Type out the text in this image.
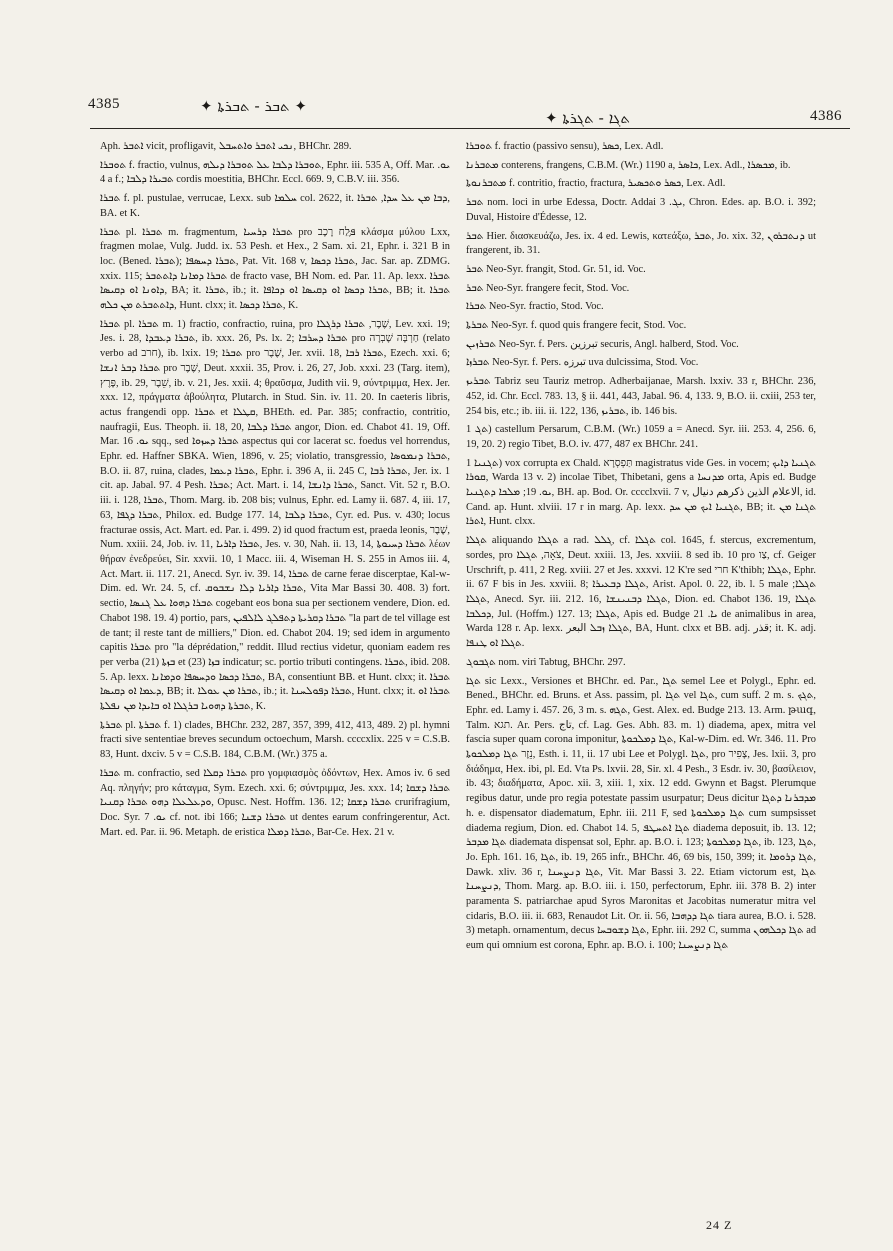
4385	✦ ܬܒܪ - ܬܒܪܬܐ ✦
✦ ܬܓܐ - ܬܓܪܬܐ	4386

Aph. ܐܬܒܪ vicit, profligavit, ܢܟܝ ܐܬܒܪ ܘܐܬܚܒܠ, BHChr. 289.

ܬܘܒܪܐ f. fractio, vulnus, ܬܘܒܪܐ ܕܠܒܐ ܥܠ ܬܘܒܪܐ ܕܝܠܗ, Ephr. iii. 535 A, Off. Mar. ܝܘ. 4 a f.; ܬܒܝܪܐ ܕܠܒܐ cordis moestitia, BHChr. Eccl. 669. 9, C.B.V. iii. 356.

ܬܒܪܐ f. pl. pustulae, verrucae, Lexx. sub ܚܠܡܐ col. 2622, it. ܕܒܐ ܡܢ ܥܠ ܚܕܐ, ܬܒܪܐ, BA. et K.

ܬܒܪܐ pl. ܬܒܪܐ m. fragmentum, ܬܒܪܐ ܕܪܚܝܐ pro ܦֶּלַח רֶכֶב κλάσμα μύλου Lxx, fragmen molae, Vulg. Judd. ix. 53 Pesh. et Hex., 2 Sam. xi. 21, Ephr. i. 321 B in loc. (Bened. ܬܒܪܐ); ܬܒܪܐ ܕܚܣܦܐ, Pat. Vit. 168 v, ܬܒܪܐ ܕܟܣܐ, Jac. Sar. ap. ZDMG. xxix. 115; ܬܒܪܐ ܕܡܐܢܐ ܕܐܬܬܒܪ de fracto vase, BH Nom. ed. Par. 11. Ap. lexx. ܬܒܪܐ ܕܐܘܢܐ ܐܘ ܕܩܝܣܐ, BA; it. ܬܒܪܐ, ib.; it. ܬܒܪܐ ܕܟܣܐ ܐܘ ܕܩܝܣܐ ܐܘ ܕܟܐܦܐ, BB; it. ܬܒܪܐ ܕܐܬܬܒܪܬ ܡܢ ܟܠܗ, Hunt. clxx; it. ܬܒܪܐ ܕܟܣܐ, K.

ܬܒܪܐ pl. ܬܒܪܐ m. 1) fractio, confractio, ruina, pro שֶׁבֶר, ܬܒܪܐ ܕܪܓܠܐ, Lev. xxi. 19; Jes. i. 28, ܬܒܪܐ ܕܥܒܕܐ, ib. xxx. 26, Ps. lx. 2; ܬܒܪܐ ܕܚܪܒܐ pro חַרְבָּה שָׁבְרָה (relato verbo ad חרב), ib. lxix. 19; ܬܒܪܐ pro שֶׁבֶר, Jer. xvii. 18, ܬܒܪܐ ܪܒܐ, Ezech. xxi. 6; ܬܒܪܐ ܕܒܪ ܐܢܫܐ pro שֶׁבֶר, Deut. xxxii. 35, Prov. i. 26, 27, Job. xxxi. 23 (Targ. item), פֶּרֶץ, ib. 29, שֵׁבֶר, ib. v. 21, Jes. xxii. 4; θραῦσμα, Judith vii. 9, σύντριμμα, Hex. Jer. xxx. 12, πράγματα ἀβούλητα, Plutarch. in Stud. Sin. iv. 11. 20. In caeteris libris, actus frangendi opp. ܬܒܪܐ et ܩܛܠܐ, BHEth. ed. Par. 385; confractio, contritio, naufragii, Eus. Theoph. ii. 18, 20, ܬܒܪܐ ܕܠܒܐ angor, Dion. ed. Chabot 41. 19, Off. Mar. ܝܘ. 16 sqq., sed ܬܒܪܐ ܕܚܙܘܐ aspectus qui cor lacerat sc. foedus vel horrendus, Ephr. ed. Haffner SBKA. Wien, 1896, v. 25; violatio, transgressio, ܬܒܪܐ ܕܢܡܘܣܐ, B.O. ii. 87, ruina, clades, ܬܒܪܐ ܕܥܡܐ, Ephr. i. 396 A, ii. 245 C, ܬܒܪܐ ܪܒܐ, Jer. ix. 1 cit. ap. Jabal. 97. 4 Pesh. ܬܒܪܐ; Act. Mart. i. 14, ܬܒܪܐ ܕܐܢܫܐ, Sanct. Vit. 52 r, B.O. iii. i. 128, ܬܒܪܐ, Thom. Marg. ib. 208 bis; vulnus, Ephr. ed. Lamy ii. 687. 4, iii. 17, 63, ܬܒܪܐ ܕܓܦܐ, Philox. ed. Budge 177. 14, ܬܒܪܐ ܕܠܒܐ, Cyr. ed. Pus. v. 430; locus fracturae ossis, Act. Mart. ed. Par. i. 499. 2) id quod fractum est, praeda leonis, שֶׁבֶר, Num. xxiii. 24, Job. iv. 11, ܬܒܪܐ ܕܐܪܝܐ, Jes. v. 30, Nah. ii. 13, 14, ܬܒܪܐ ܕܚܝܘܬܐ λέων θήραν ἐνεδρεύει, Sir. xxvii. 10, 1 Macc. iii. 4, Wiseman H. S. 255 in Amos iii. 4, Act. Mart. ii. 117. 21, Anecd. Syr. iv. 39. 14, ܬܒܪܐ de carne ferae discerptae, Kal-w-Dim. ed. Wr. 24. 5, cf. ܬܒܪܐ ܕܐܪܝܐ ܕܠܐ ܢܫܒܘܩ, Vita Mar Bassi 30. 408. 3) fort. sectio, ܬܒܪܐ ܕܗܘܐ ܥܠ ܓܢܣܐ cogebant eos bona sua per sectionem vendere, Dion. ed. Chabot 198. 19. 4) portio, pars, ܬܒܪܐ ܕܩܪܝܬܐ ܕܬܦܠܓ ܠܐܠܦܝܢ "la part de tel village est de tant; il reste tant de milliers," Dion. ed. Chabot 204. 19; sed idem in argumento capitis ܬܒܪܐ pro "la déprédation," reddit. Illud rectius videtur, quoniam eadem res per verba ܒܙܬܐ (21) et ܒܙܐ (23) indicatur; sc. portio tributi contingens. ܬܒܪܐ, ibid. 208. 5. Ap. lexx. ܬܒܪܐ ܕܟܣܐ ܘܕܚܣܦܐ ܘܕܡܐܢܐ, BA, consentiunt BB. et Hunt. clxx; it. ܬܒܪܐ ܕܥܡܐ ܐܘ ܕܩܝܣܐ, BB; it. ܬܒܪܐ ܡܢ ܥܘܠܐ, ib.; it. ܬܒܪܐ ܕܦܘܠܚܢܐ, Hunt. clxx; it. ܬܒܪܐ ܐܘ ܬܒܪܬܐ ܕܗܘܝܐ ܒܪܓܠܐ ܐܘ ܒܐܝܕܐ ܡܢ ܢܦܠܬܐ, K.

ܬܒܪܬܐ pl. ܬܒܪܬܐ f. 1) clades, BHChr. 232, 287, 357, 399, 412, 413, 489. 2) pl. hymni fracti sive sententiae breves secundum octoechum, Marsh. ccccxlix. 225 v = C.S.B. 83, Hunt. dxciv. 5 v = C.S.B. 184, C.B.M. (Wr.) 375 a.

ܬܒܪܐ m. confractio, sed ܬܒܪܐ ܕܩܠܐ pro γομφιασμὸς ὀδόντων, Hex. Amos iv. 6 sed Aq. πληγήν; pro κάταγμα, Sym. Ezech. xxi. 6; σύντριμμα, Jes. xxx. 14; ܬܒܪܐ ܕܫܩܐ ܘܕܥܠܥܠܐ ܕܗܘ ܬܒܪܐ ܕܩܢܝܐ, Opusc. Nest. Hoffm. 136. 12; ܬܒܪܐ ܕܫܩܐ crurifragium, Doc. Syr. ܝܘ. 7 cf. not. ibi 166; ܬܒܪܐ ܕܫܢܐ ut dentes earum confringerentur, Act. Mart. ed. Par. ii. 96. Metaph. de eristica ܬܒܪܐ ܕܡܠܐ, Bar-Ce. Hex. 21 v.

ܬܘܒܪܐ f. fractio (passivo sensu), ܟܣܪ, Lex. Adl.

ܡܬܒܪܢܐ conterens, frangens, C.B.M. (Wr.) 1190 a, ܟܐܣܪ, Lex. Adl., ܡܟܣܪܐ, ib.

ܡܬܒܪܢܘܬܐ f. contritio, fractio, fractura, ܟܣܪ ܘܬܟܣܝܪ, Lex. Adl.

ܬܒܪ nom. loci in urbe Edessa, Doctr. Addai ܝܓ. 3, Chron. Edes. ap. B.O. i. 392; Duval, Histoire d'Édesse, 12.

ܬܒܪ Hier. διασκευάζω, Jes. ix. 4 ed. Lewis, κατεάξω, ܬܒܪ, Jo. xix. 32, ܕܢܬܒܪܘܢ ut frangerent, ib. 31.

ܬܒܪ Neo-Syr. frangit, Stod. Gr. 51, id. Voc.

ܬܒܪ Neo-Syr. frangere fecit, Stod. Voc.

ܬܒܪܐ Neo-Syr. fractio, Stod. Voc.

ܬܒܪܬܐ Neo-Syr. f. quod quis frangere fecit, Stod. Voc.

ܬܒܪܙܝܢ Neo-Syr. f. Pers. تبرزين securis, Angl. halberd, Stod. Voc.

ܬܒܪܙܐ Neo-Syr. f. Pers. تبرزه uva dulcissima, Stod. Voc.

ܬܒܪܝܙ Tabriz seu Tauriz metrop. Adherbaijanae, Marsh. lxxiv. 33 r, BHChr. 236, 452, id. Chr. Eccl. 783. 13, § ii. 441, 443, Jabal. 96. 4, 133. 9, B.O. ii. cxiii, 253 ter, 254 bis, etc.; ib. iii. ii. 122, 136, ܬܒܪܝܙ, ib. 146 bis.

ܬܓ 1) castellum Persarum, C.B.M. (Wr.) 1059 a = Anecd. Syr. iii. 253. 4, 256. 6, 19, 20. 2) regio Tibet, B.O. iv. 477, 487 ex BHChr. 241.

ܬܓܢܝܐ 1) vox corrupta ex Chald. תַּפְסְרָא magistratus vide Ges. in vocem; ܬܓܢܝܐ ܕܐܝܟ ܩܘܪܐ, Warda 13 v. 2) incolae Tibet, Thibetani, gens a ܡܕܢܚܐ orta, Apis ed. Budge ܝܘ. 19; ܡܠܟܐ ܕܬܓܢܝܐ, BH. ap. Bod. Or. cccclxvii. 7 v, الاعلام الذين ذكرهم دنيال, id. Cand. ap. Hunt. xlviii. 17 r in marg. Ap. lexx. ܬܓܢܝܐ ܐܝܟ ܡܢ ܚܕ, BB; it. ܬܓܢܐ ܡܢ ܐܬܪܐ, Hunt. clxx.

ܬܓܠܐ aliquando ܬܓܠܐ a rad. ܓܠܠ, cf. ܬܓܠܐ col. 1645, f. stercus, excrementum, sordes, pro צֹאָה, ܬܓܠܐ, Deut. xxiii. 13, Jes. xxviii. 8 sed ib. 10 pro צַו, cf. Geiger Urschrift, p. 411, 2 Reg. xviii. 27 et Jes. xxxvi. 12 K're sed חרי K'thibh; ܬܓܠܐ, Ephr. ii. 67 F bis in Jes. xxviii. 8; ܬܓܠܐ ܕܒܥܝܪܐ, Arist. Apol. 0. 22, ib. l. 5 male ܬܓܠܐ; ܬܓܠܐ, Anecd. Syr. iii. 212. 16, ܬܓܠܐ ܕܒܢܝܢܫܐ, Dion. ed. Chabot 136. 19, ܬܓܠܐ ܕܟܠܒܐ, Jul. (Hoffm.) 127. 13; ܬܓܠܐ, Apis ed. Budge ܝܐ. 21 de animalibus in area, Warda 128 r. Ap. lexx. ܬܓܠܐ ܙܒܠ البعر, BA, Hunt. clxx et BB. adj. قذر; it. K. adj. ܬܓܠܐ ܐܘ ܛܢܦܐ.

ܬܓܒܘܓ nom. viri Tabtug, BHChr. 297.

ܬܓܐ sic Lexx., Versiones et BHChr. ed. Par., ܬܓܐ semel Lee et Polygl., Ephr. ed. Bened., BHChr. ed. Bruns. et Ass. passim, pl. ܬܓܐ vel ܬܓܐ, cum suff. 2 m. s. ܬܓܟ, Ephr. ed. Lamy i. 457. 26, 3 m. s. ܬܓܗ, Gest. Alex. ed. Budge 213. 13. Arm. թագ, Talm. תגא. Ar. Pers. تاج, cf. Lag. Ges. Abh. 83. m. 1) diadema, apex, mitra vel fascia super quam corona imponitur, ܬܓܐ ܕܡܠܟܘܬܐ, Kal-w-Dim. ed. Wr. 346. 11. Pro נֵזֶר ܬܓܐ ܕܡܠܟܘܬܐ, Esth. i. 11, ii. 17 ubi Lee et Polygl. ܬܓܐ, pro צָפִיר, Jes. lxii. 3, pro διάδημα, Hex. ibi, pl. Ed. Vta Ps. lxvii. 28, Sir. xl. 4 Pesh., 3 Esdr. iv. 30, βασίλειον, ib. 43; διαδήματα, Apoc. xii. 3, xiii. 1, xix. 12 edd. Gwynn et Bagst. Plerumque regibus datur, unde pro regia potestate passim usurpatur; Deus dicitur ܡܕܒܪܢܐ ܕܬܓܐ h. e. dispensator diadematum, Ephr. iii. 211 F, sed ܬܓܐ ܕܡܠܟܘܬܐ cum sumpsisset diadema regium, Dion. ed. Chabot 14. 5, ܬܓܐ ܐܬܚܛܦ diadema deposuit, ib. 13. 12; ܬܓܐ ܡܕܒܪ diademata dispensat sol, Ephr. ap. B.O. i. 123; ܬܓܐ ܕܡܠܟܘܬܐ, ib. 123, ܬܓܐ, Jo. Eph. 161. 16, ܬܓܐ, ib. 19, 265 infr., BHChr. 46, 69 bis, 150, 399; it. ܬܓܐ ܕܪܘܡܐ, Dawk. xliv. 36 r, ܬܓܐ ܕܢܨܚܢܐ, Vit. Mar Bassi 3. 22. Etiam victorum est, ܬܓܐ ܕܢܨܚܢܐ, Thom. Marg. ap. B.O. iii. i. 150, perfectorum, Ephr. iii. 378 B. 2) inter paramenta S. patriarchae apud Syros Maronitas et Jacobitas numeratur mitra vel cidaris, B.O. iii. ii. 683, Renaudot Lit. Or. ii. 56, ܬܓܐ ܕܕܗܒܐ tiara aurea, B.O. i. 528. 3) metaph. ornamentum, decus ܬܓܐ ܕܫܘܒܚܐ, Ephr. iii. 292 C, summa ܬܓܐ ܕܟܠܗܘܢ ad eum qui omnium est corona, Ephr. ap. B.O. i. 100; ܬܓܐ ܕܢܨܚܢܐ

24 Z
